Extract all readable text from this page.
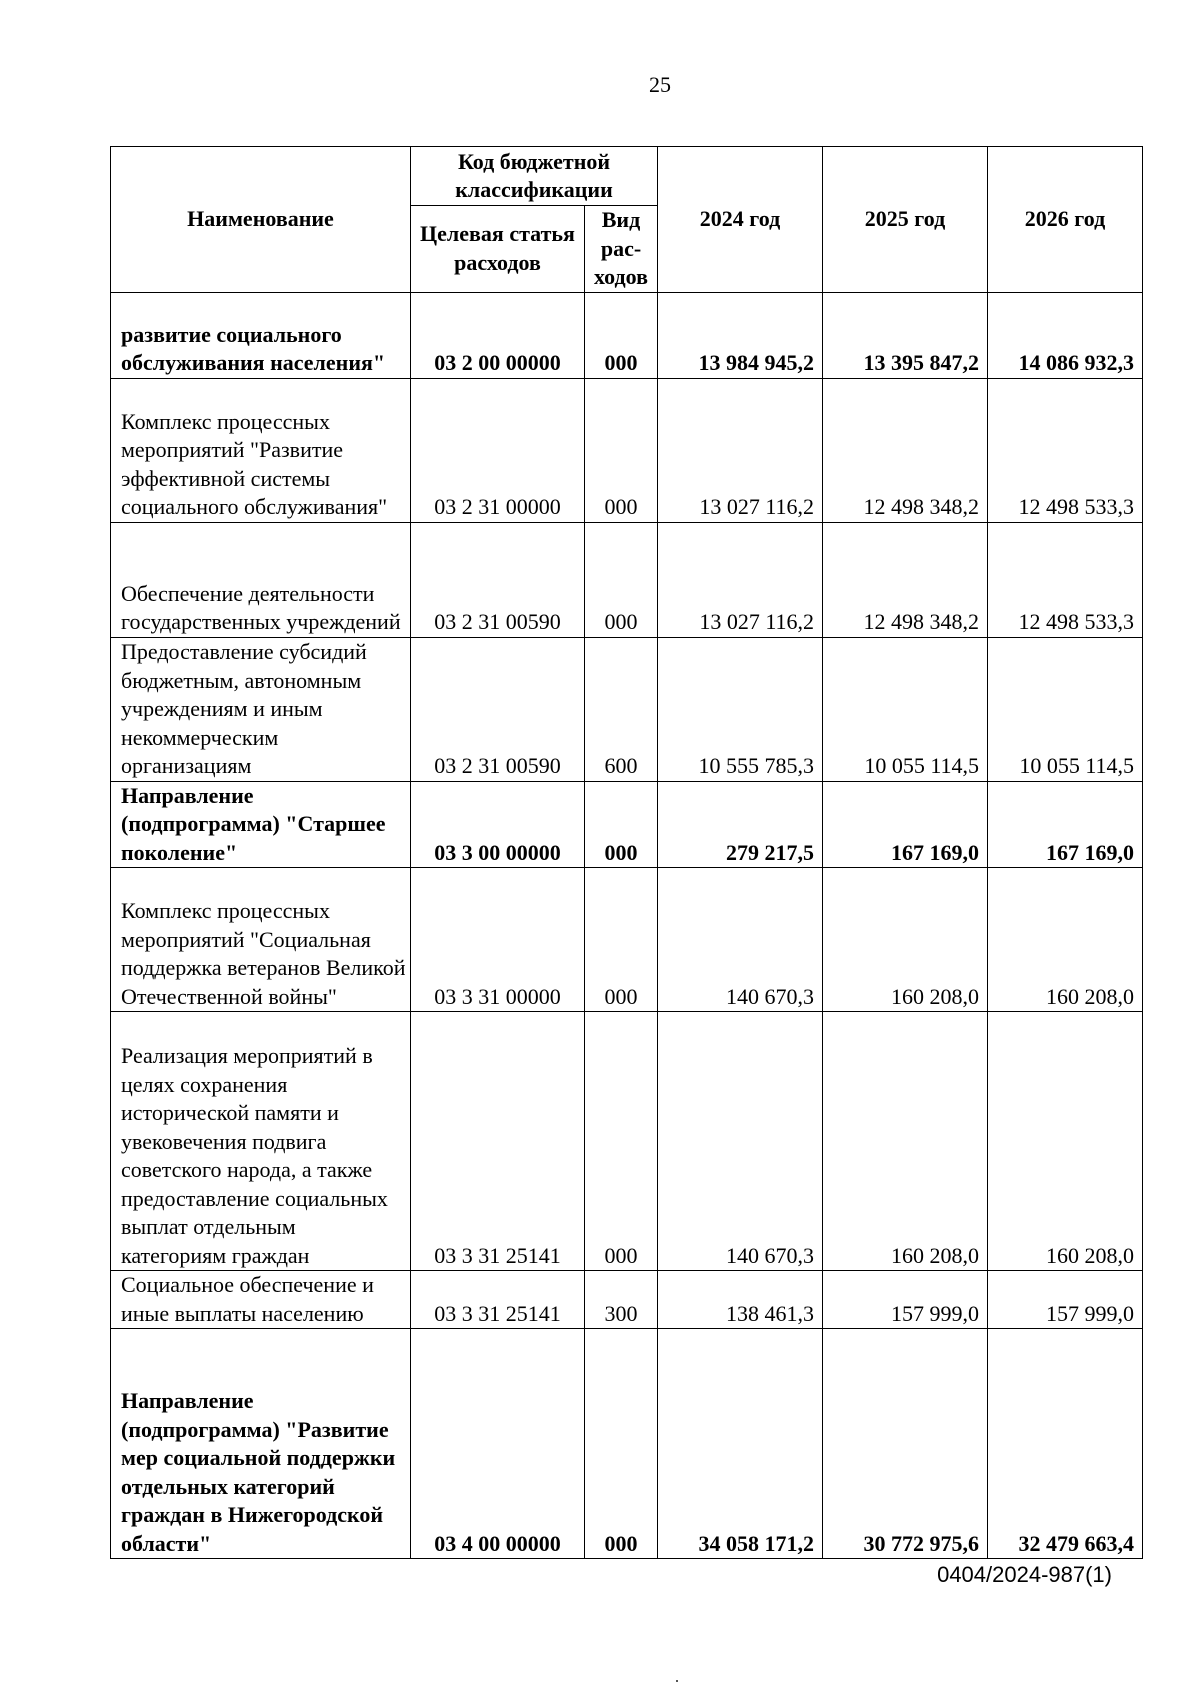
25
Наименование	Код бюджетной классификации		2024 год	2025 год	2026 год
	Целевая статья расходов	Вид рас-ходов			
развитие социального обслуживания населения"	03 2 00 00000	000	13 984 945,2	13 395 847,2	14 086 932,3
Комплекс процессных мероприятий "Развитие эффективной системы социального обслуживания"	03 2 31 00000	000	13 027 116,2	12 498 348,2	12 498 533,3
Обеспечение деятельности государственных учреждений	03 2 31 00590	000	13 027 116,2	12 498 348,2	12 498 533,3
Предоставление субсидий бюджетным, автономным учреждениям и иным некоммерческим организациям	03 2 31 00590	600	10 555 785,3	10 055 114,5	10 055 114,5
Направление (подпрограмма) "Старшее поколение"	03 3 00 00000	000	279 217,5	167 169,0	167 169,0
Комплекс процессных мероприятий "Социальная поддержка ветеранов Великой Отечественной войны"	03 3 31 00000	000	140 670,3	160 208,0	160 208,0
Реализация мероприятий в целях сохранения исторической памяти и увековечения подвига советского народа, а также предоставление социальных выплат отдельным категориям граждан	03 3 31 25141	000	140 670,3	160 208,0	160 208,0
Социальное обеспечение и иные выплаты населению	03 3 31 25141	300	138 461,3	157 999,0	157 999,0
Направление (подпрограмма) "Развитие мер социальной поддержки отдельных категорий граждан в Нижегородской области"	03 4 00 00000	000	34 058 171,2	30 772 975,6	32 479 663,4
0404/2024-987(1)
